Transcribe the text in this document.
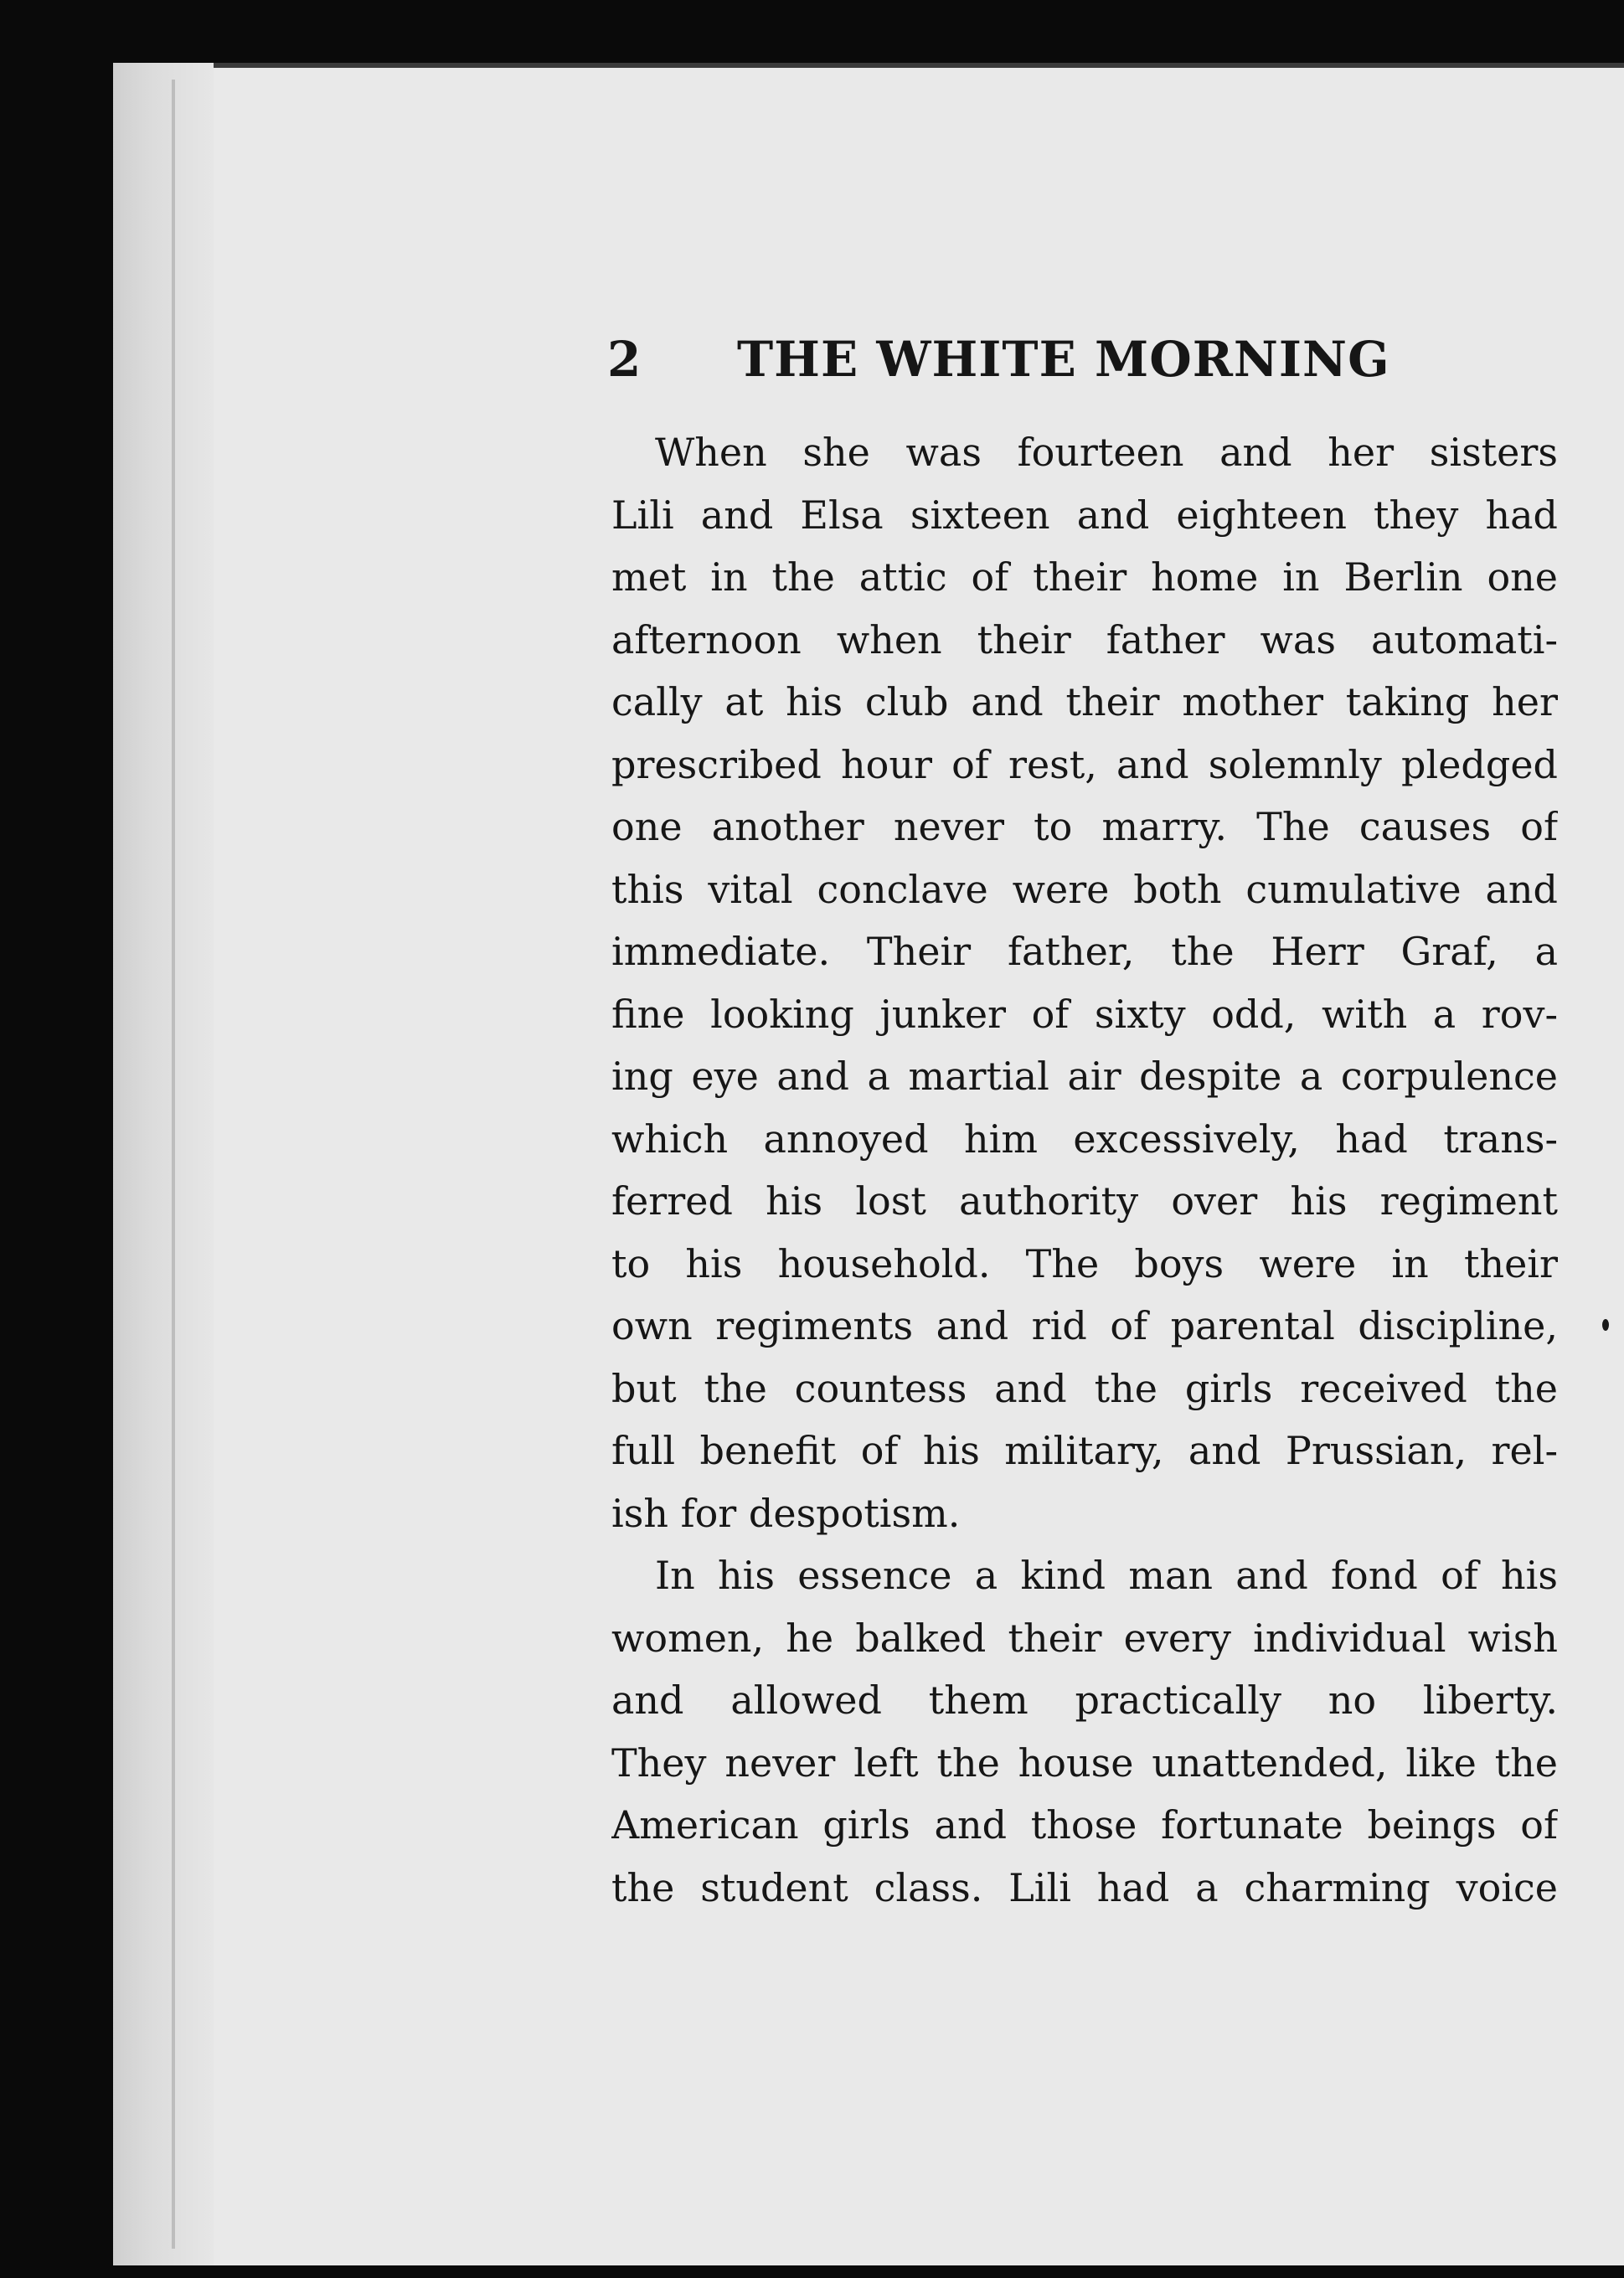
2 THE WHITE MORNING
When she was fourteen and her sisters
Lili and Elsa sixteen and eighteen they had
met in the attic of their home in Berlin one
afternoon when their father was automati-
cally at his club and their mother taking her
prescribed hour of rest, and solemnly pledged
one another never to marry. The causes of
this vital conclave were both cumulative and
immediate. Their father, the Herr Graf, a
fine looking junker of sixty odd, with a rov-
ing eye and a martial air despite a corpulence
which annoyed him excessively, had trans-
ferred his lost authority over his regiment
to his household. The boys were in their
own regiments and rid of parental discipline,
but the countess and the girls received the
full benefit of his military, and Prussian, rel-
ish for despotism.
In his essence a kind man and fond of his
women, he balked their every individual wish
and allowed them practically no liberty.
They never left the house unattended, like the
American girls and those fortunate beings of
the student class. Lili had a charming voice
